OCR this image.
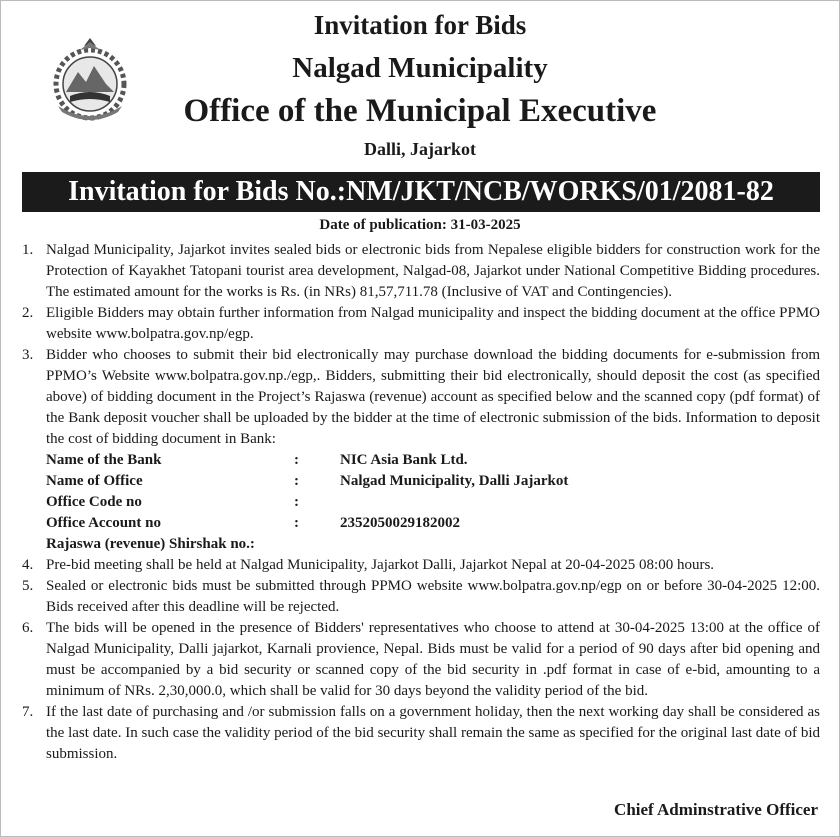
Invitation for Bids
Nalgad Municipality
Office of the Municipal Executive
Dalli, Jajarkot
Invitation for Bids No.:NM/JKT/NCB/WORKS/01/2081-82
Date of publication: 31-03-2025
1. Nalgad Municipality, Jajarkot invites sealed bids or electronic bids from Nepalese eligible bidders for construction work for the Protection of Kayakhet Tatopani tourist area development, Nalgad-08, Jajarkot under National Competitive Bidding procedures. The estimated amount for the works is Rs. (in NRs) 81,57,711.78 (Inclusive of VAT and Contingencies).
2. Eligible Bidders may obtain further information from Nalgad municipality and inspect the bidding document at the office PPMO website www.bolpatra.gov.np/egp.
3. Bidder who chooses to submit their bid electronically may purchase download the bidding documents for e-submission from PPMO’s Website www.bolpatra.gov.np./egp,. Bidders, submitting their bid electronically, should deposit the cost (as specified above) of bidding document in the Project’s Rajaswa (revenue) account as specified below and the scanned copy (pdf format) of the Bank deposit voucher shall be uploaded by the bidder at the time of electronic submission of the bids. Information to deposit the cost of bidding document in Bank:
Name of the Bank	:	NIC Asia Bank Ltd.
Name of Office	:	Nalgad Municipality, Dalli Jajarkot
Office Code no	:
Office Account no	:	2352050029182002
Rajaswa (revenue) Shirshak no.:
4. Pre-bid meeting shall be held at Nalgad Municipality, Jajarkot Dalli, Jajarkot Nepal at 20-04-2025 08:00 hours.
5. Sealed or electronic bids must be submitted through PPMO website www.bolpatra.gov.np/egp on or before 30-04-2025 12:00. Bids received after this deadline will be rejected.
6. The bids will be opened in the presence of Bidders' representatives who choose to attend at 30-04-2025 13:00 at the office of Nalgad Municipality, Dalli jajarkot, Karnali provience, Nepal. Bids must be valid for a period of 90 days after bid opening and must be accompanied by a bid security or scanned copy of the bid security in .pdf format in case of e-bid, amounting to a minimum of NRs. 2,30,000.0, which shall be valid for 30 days beyond the validity period of the bid.
7. If the last date of purchasing and /or submission falls on a government holiday, then the next working day shall be considered as the last date. In such case the validity period of the bid security shall remain the same as specified for the original last date of bid submission.
Chief Adminstrative Officer
